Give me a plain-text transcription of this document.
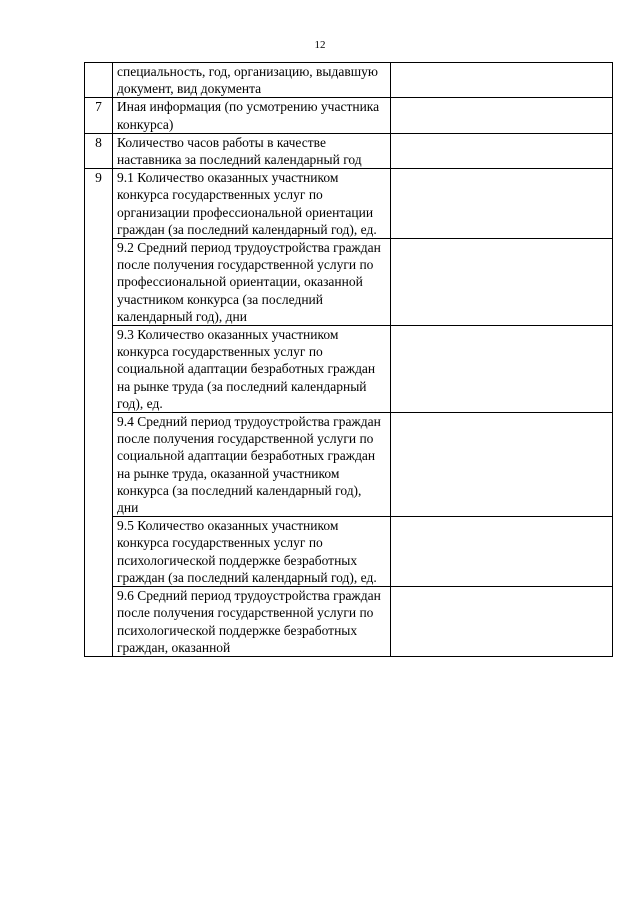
12
	специальность, год, организацию, выдавшую документ, вид документа	
7	Иная информация (по усмотрению участника конкурса)	
8	Количество часов работы в качестве наставника за последний календарный год	
9	9.1 Количество оказанных участником конкурса государственных услуг по организации профессиональной ориентации граждан (за последний календарный год), ед.	
	9.2 Средний период трудоустройства граждан после получения государственной услуги по профессиональной ориентации, оказанной участником конкурса (за последний календарный год), дни	
	9.3 Количество оказанных участником конкурса государственных услуг по социальной адаптации безработных граждан на рынке труда (за последний календарный год), ед.	
	9.4 Средний период трудоустройства граждан после получения государственной услуги по социальной адаптации безработных граждан на рынке труда, оказанной участником конкурса (за последний календарный год), дни	
	9.5 Количество оказанных участником конкурса государственных услуг по психологической поддержке безработных граждан (за последний календарный год), ед.	
	9.6 Средний период трудоустройства граждан после получения государственной услуги по психологической поддержке безработных граждан, оказанной	
